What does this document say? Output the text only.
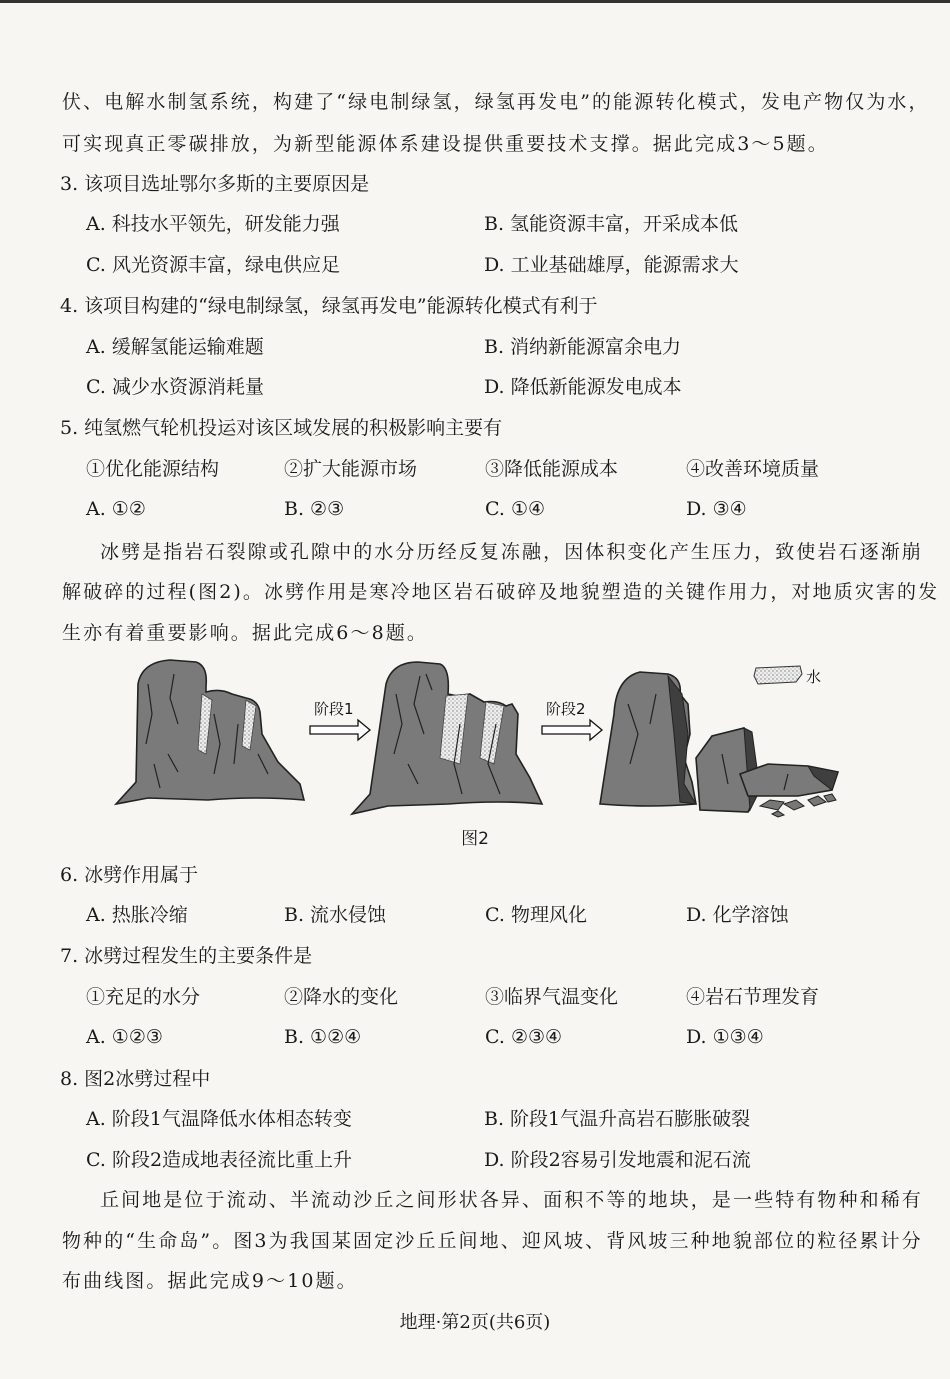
伏、电解水制氢系统，构建了“绿电制绿氢，绿氢再发电”的能源转化模式，发电产物仅为水，
可实现真正零碳排放，为新型能源体系建设提供重要技术支撑。据此完成3～5题。
3. 该项目选址鄂尔多斯的主要原因是
A. 科技水平领先，研发能力强	B. 氢能资源丰富，开采成本低
C. 风光资源丰富，绿电供应足	D. 工业基础雄厚，能源需求大
4. 该项目构建的“绿电制绿氢，绿氢再发电”能源转化模式有利于
A. 缓解氢能运输难题	B. 消纳新能源富余电力
C. 减少水资源消耗量	D. 降低新能源发电成本
5. 纯氢燃气轮机投运对该区域发展的积极影响主要有
①优化能源结构	②扩大能源市场	③降低能源成本	④改善环境质量
A. ①②	B. ②③	C. ①④	D. ③④
冰劈是指岩石裂隙或孔隙中的水分历经反复冻融，因体积变化产生压力，致使岩石逐渐崩
解破碎的过程(图2)。冰劈作用是寒冷地区岩石破碎及地貌塑造的关键作用力，对地质灾害的发
生亦有着重要影响。据此完成6～8题。
阶段1	阶段2
水
图2
6. 冰劈作用属于
A. 热胀冷缩	B. 流水侵蚀	C. 物理风化	D. 化学溶蚀
7. 冰劈过程发生的主要条件是
①充足的水分	②降水的变化	③临界气温变化	④岩石节理发育
A. ①②③	B. ①②④	C. ②③④	D. ①③④
8. 图2冰劈过程中
A. 阶段1气温降低水体相态转变	B. 阶段1气温升高岩石膨胀破裂
C. 阶段2造成地表径流比重上升	D. 阶段2容易引发地震和泥石流
丘间地是位于流动、半流动沙丘之间形状各异、面积不等的地块，是一些特有物种和稀有
物种的“生命岛”。图3为我国某固定沙丘丘间地、迎风坡、背风坡三种地貌部位的粒径累计分
布曲线图。据此完成9～10题。
地理·第2页(共6页)
